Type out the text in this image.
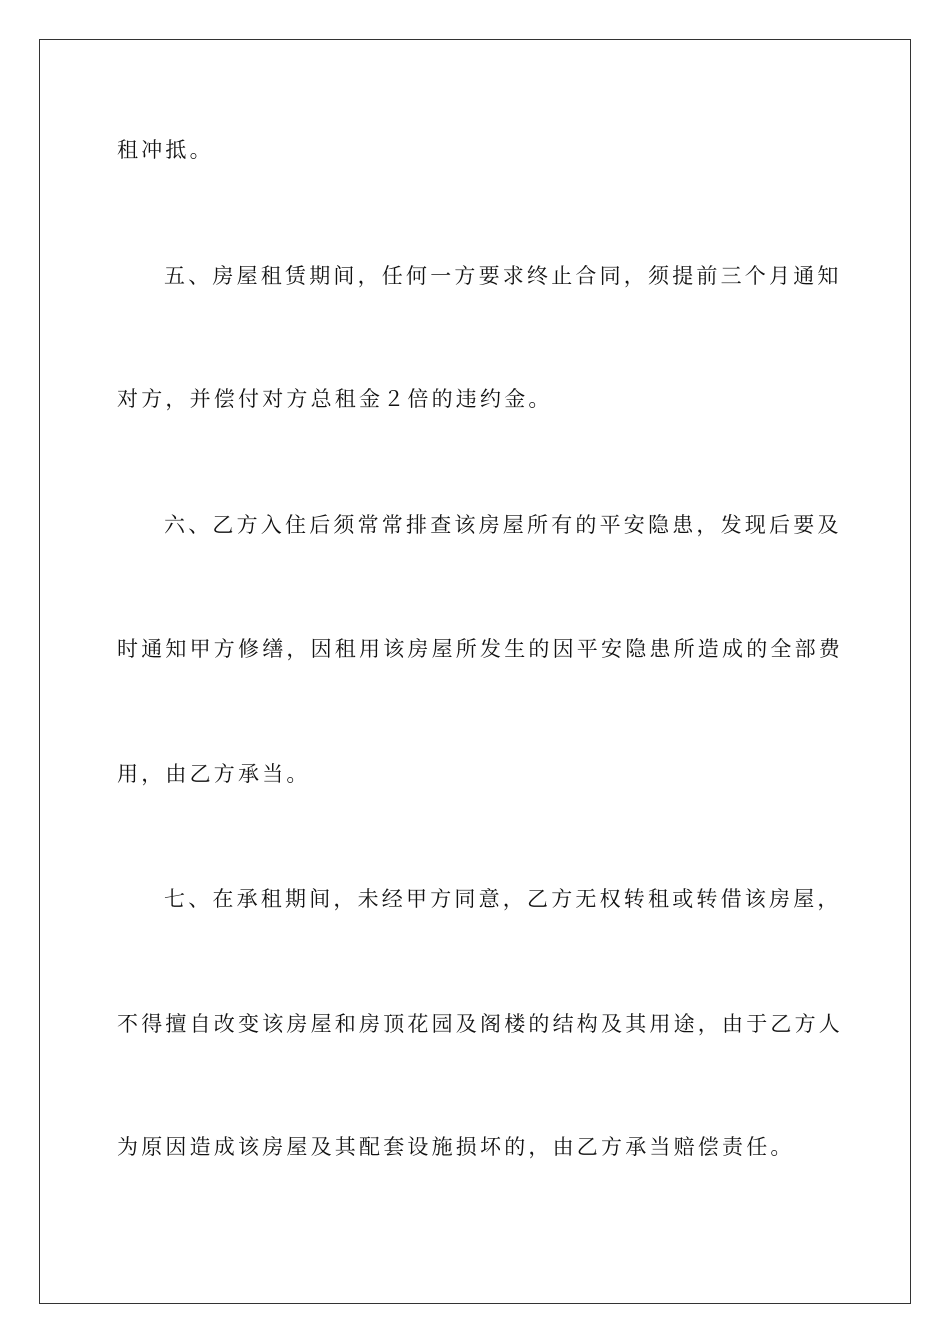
租冲抵。
五、房屋租赁期间，任何一方要求终止合同，须提前三个月通知
对方，并偿付对方总租金２倍的违约金。
六、乙方入住后须常常排查该房屋所有的平安隐患，发现后要及
时通知甲方修缮，因租用该房屋所发生的因平安隐患所造成的全部费
用，由乙方承当。
七、在承租期间，未经甲方同意，乙方无权转租或转借该房屋，
不得擅自改变该房屋和房顶花园及阁楼的结构及其用途，由于乙方人
为原因造成该房屋及其配套设施损坏的，由乙方承当赔偿责任。
